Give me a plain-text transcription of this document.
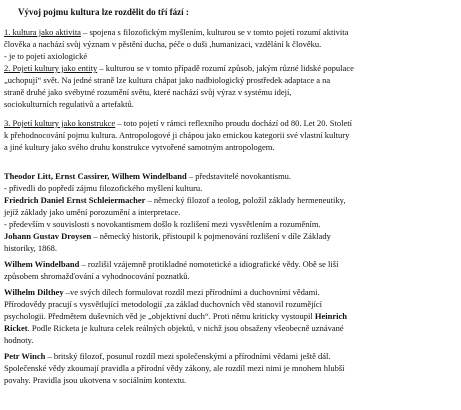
Vývoj pojmu kultura lze rozdělit do tří fází :
1. kultura jako aktivita – spojena s filozofickým myšlením, kulturou se v tomto pojetí rozumí aktivita
člověka a nachází svůj význam v pěstění ducha, péče o duši ,humanizaci, vzdělání k člověku.
- je to pojetí axiologické
2. Pojetí kultury jako entity – kulturou se v tomto případě rozumí způsob, jakým různé lidské populace
„uchopují“ svět. Na jedné straně lze kultura chápat jako nadbiologický prostředek adaptace a na
straně druhé jako svébytné rozumění světu, které nachází svůj výraz v systému idejí,
sociokulturních regulativů a artefaktů.
3. Pojetí kultury jako konstrukce – toto pojetí v rámci reflexního proudu dochází od 80. Let 20. Století
k přehodnocování pojmu kultura. Antropologové ji chápou jako emickou kategorii své vlastní kultury
a jiné kultury jako svého druhu konstrukce vytvořené samotným antropologem.
Theodor Litt, Ernst Cassirer, Wilhem Windelband – představitelé novokantismu.
- přivedli do popředí zájmu filozofického myšlení kulturu.
Friedrich Daniel Ernst Schleiermacher – německý filozof a teolog, položil základy hermeneutiky,
jejíž základy jako umění porozumění a interpretace.
- především v souvislosti s novokantismem došlo k rozlišení mezi vysvětlením a rozuměním.
Johann Gustav Droysen – německý historik, přistoupil k pojmenování rozlišení v díle Základy
historiky, 1868.
Wilhem Windelband – rozlišil vzájemně protikladné nomotetické a idiografické vědy. Obě se liší
způsobem shromažďování a vyhodnocování poznatků.
Wilhelm Dilthey –ve svých dílech formulovat rozdíl mezi přírodními a duchovními vědami.
Přírodovědy pracují s vysvětlující metodologií ,za základ duchovních věd stanovil rozumějící
psychologii. Předmětem duševních věd je „objektivní duch“. Proti němu kriticky vystoupil Heinrich
Ricket. Podle Ricketa je kultura celek reálných objektů, v nichž jsou obsaženy všeobecně uznávané
hodnoty.
Petr Winch – britský filozof, posunul rozdíl mezi společenskými a přírodními vědami ještě dál.
Společenské vědy zkoumají pravidla a přírodní vědy zákony, ale rozdíl mezi nimi je mnohem hlubší
povahy. Pravidla jsou ukotvena v sociálním kontextu.
